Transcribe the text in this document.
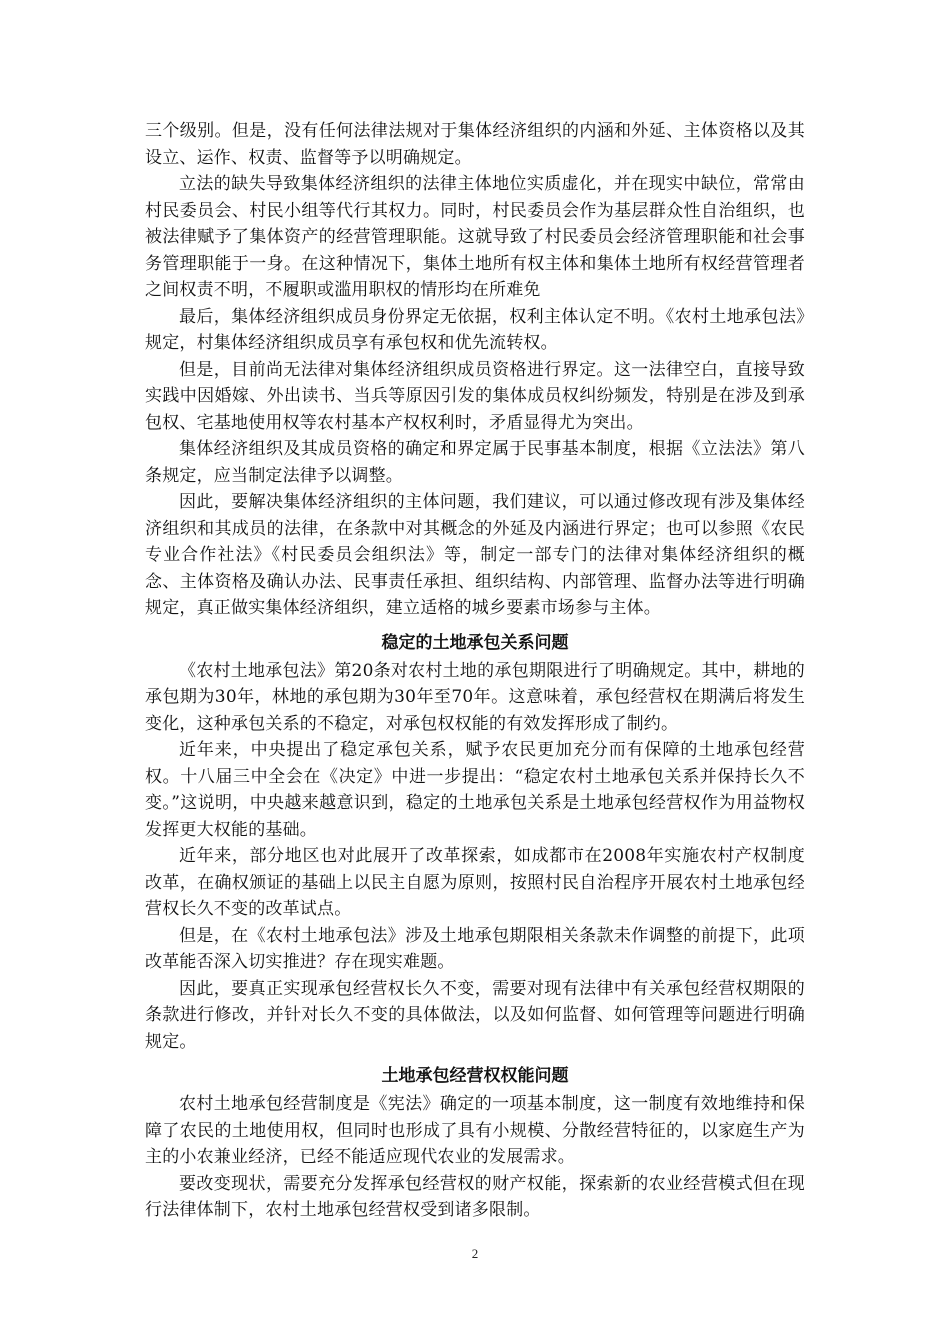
三个级别。但是，没有任何法律法规对于集体经济组织的内涵和外延、主体资格以及其设立、运作、权责、监督等予以明确规定。

立法的缺失导致集体经济组织的法律主体地位实质虚化，并在现实中缺位，常常由村民委员会、村民小组等代行其权力。同时，村民委员会作为基层群众性自治组织，也被法律赋予了集体资产的经营管理职能。这就导致了村民委员会经济管理职能和社会事务管理职能于一身。在这种情况下，集体土地所有权主体和集体土地所有权经营管理者之间权责不明，不履职或滥用职权的情形均在所难免

最后，集体经济组织成员身份界定无依据，权利主体认定不明。《农村土地承包法》规定，村集体经济组织成员享有承包权和优先流转权。

但是，目前尚无法律对集体经济组织成员资格进行界定。这一法律空白，直接导致实践中因婚嫁、外出读书、当兵等原因引发的集体成员权纠纷频发，特别是在涉及到承包权、宅基地使用权等农村基本产权权利时，矛盾显得尤为突出。

集体经济组织及其成员资格的确定和界定属于民事基本制度，根据《立法法》第八条规定，应当制定法律予以调整。

因此，要解决集体经济组织的主体问题，我们建议，可以通过修改现有涉及集体经济组织和其成员的法律，在条款中对其概念的外延及内涵进行界定；也可以参照《农民专业合作社法》《村民委员会组织法》等，制定一部专门的法律对集体经济组织的概念、主体资格及确认办法、民事责任承担、组织结构、内部管理、监督办法等进行明确规定，真正做实集体经济组织，建立适格的城乡要素市场参与主体。

稳定的土地承包关系问题

《农村土地承包法》第20条对农村土地的承包期限进行了明确规定。其中，耕地的承包期为30年，林地的承包期为30年至70年。这意味着，承包经营权在期满后将发生变化，这种承包关系的不稳定，对承包权权能的有效发挥形成了制约。

近年来，中央提出了稳定承包关系，赋予农民更加充分而有保障的土地承包经营权。十八届三中全会在《决定》中进一步提出：“稳定农村土地承包关系并保持长久不变。”这说明，中央越来越意识到，稳定的土地承包关系是土地承包经营权作为用益物权发挥更大权能的基础。

近年来，部分地区也对此展开了改革探索，如成都市在2008年实施农村产权制度改革，在确权颁证的基础上以民主自愿为原则，按照村民自治程序开展农村土地承包经营权长久不变的改革试点。

但是，在《农村土地承包法》涉及土地承包期限相关条款未作调整的前提下，此项改革能否深入切实推进？存在现实难题。

因此，要真正实现承包经营权长久不变，需要对现有法律中有关承包经营权期限的条款进行修改，并针对长久不变的具体做法，以及如何监督、如何管理等问题进行明确规定。

土地承包经营权权能问题

农村土地承包经营制度是《宪法》确定的一项基本制度，这一制度有效地维持和保障了农民的土地使用权，但同时也形成了具有小规模、分散经营特征的，以家庭生产为主的小农兼业经济，已经不能适应现代农业的发展需求。

要改变现状，需要充分发挥承包经营权的财产权能，探索新的农业经营模式但在现行法律体制下，农村土地承包经营权受到诸多限制。

2
